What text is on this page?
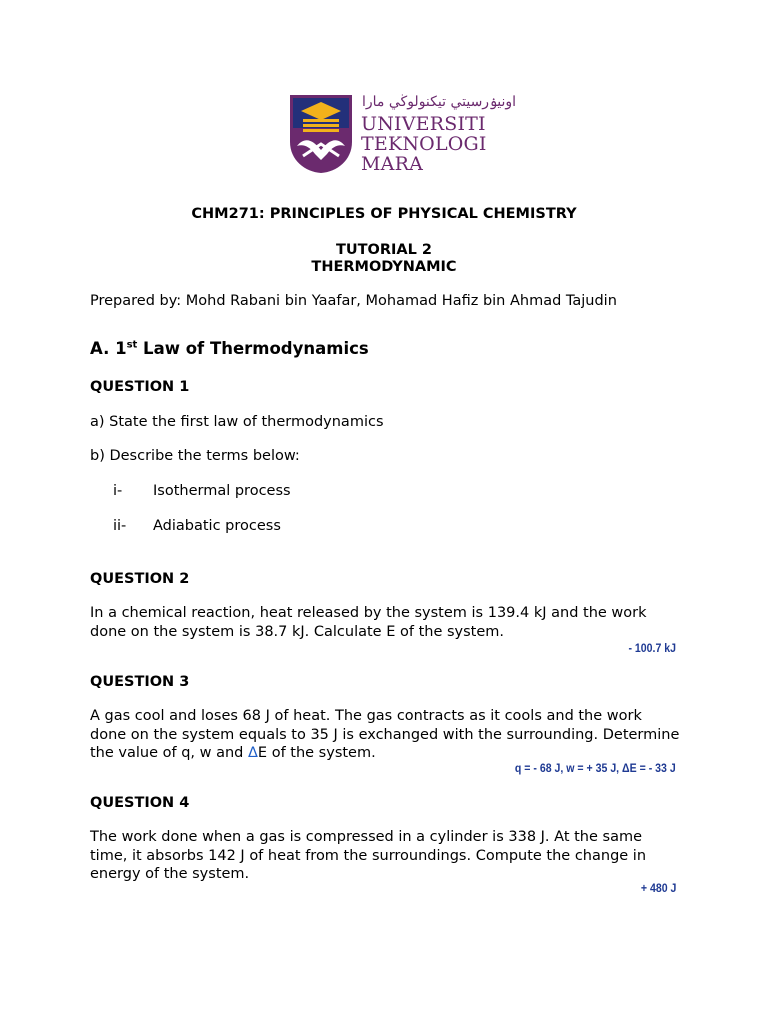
اونيۏرسيتي تيكنولوڬي مارا
UNIVERSITI
TEKNOLOGI
MARA
CHM271: PRINCIPLES OF PHYSICAL CHEMISTRY
TUTORIAL 2
THERMODYNAMIC
Prepared by: Mohd Rabani bin Yaafar, Mohamad Hafiz bin Ahmad Tajudin
A. 1st Law of Thermodynamics
QUESTION 1
a) State the first law of thermodynamics
b) Describe the terms below:
i- Isothermal process
ii- Adiabatic process
QUESTION 2
In a chemical reaction, heat released by the system is 139.4 kJ and the work done on the system is 38.7 kJ. Calculate E of the system.
- 100.7 kJ
QUESTION 3
A gas cool and loses 68 J of heat. The gas contracts as it cools and the work done on the system equals to 35 J is exchanged with the surrounding. Determine the value of q, w and ΔE of the system.
q = - 68 J, w = + 35 J, ΔE = - 33 J
QUESTION 4
The work done when a gas is compressed in a cylinder is 338 J. At the same time, it absorbs 142 J of heat from the surroundings. Compute the change in energy of the system.
+ 480 J
